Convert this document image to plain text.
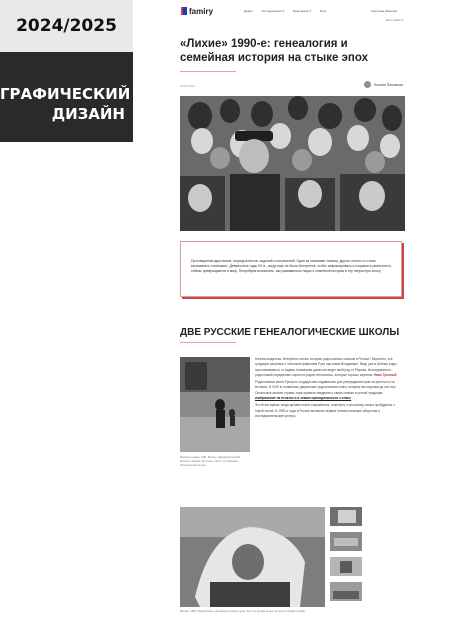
2024/2025
ГРАФИЧЕСКИЙ
ДИЗАЙН
famiry	Древо	Исследования ▾	Брак-анкей ▾	Блог	Светлана Иванова
Мои права ▾
«Лихие» 1990-е: генеалогия и семейная история на стыке эпох
28.03.2024	Ксения Пахомова
Противоречия двух веков, период взлетов, падений и потрясений. Одни их называют такими, другие отчего-то стали вспоминать «святыми». Девяностые годы ХХ в., когда еще не было Интернета, чтобы зафиксировать и сохранить реальность, сейчас превращаются в миф. Попробуем вспомнить, как развивалось наука о семейной истории в эту непростую эпоху.
ДВЕ РУССКИЕ ГЕНЕАЛОГИЧЕСКИЕ ШКОЛЫ

Фрагмент кадра, 1991. Митинг «Демократической России». Москва. Источник: ТАСС. Из собрания Исторического музея.

Начнем издалека. Интересно читать истории родословных списков в России? Вероятно, эта традиция началась с Чингизов правления Руси при князе Владимире. Ведь уже в Библии роды прослеживаются от Адама. Княжеская династия ведет свой род от Рюрика. Исследователи родословий определяют корни из родов летописных, которые хорошо изучены. Иван Грозный

Родословные книги Русского государства создавались для утверждения прав на престол и на вотчины. В XVIII в. появились дворянские родословные книги, которые мы изучаем до сих пор. Остальные жители страны тоже хранили сведения о своих семьях в устной традиции. изображение на печатях и в знаках принадлежности к семье

Это было время, когда архивы стали открываться, а интерес к прошлому семьи пробудился с новой силой. В 1990-е годы в России возникли первые генеалогические общества и исследовательские центры.

Москва, 1990. Подмосковье. Женщина на берегу реки. Фото из архива семьи. Источник: Russia in photo.
